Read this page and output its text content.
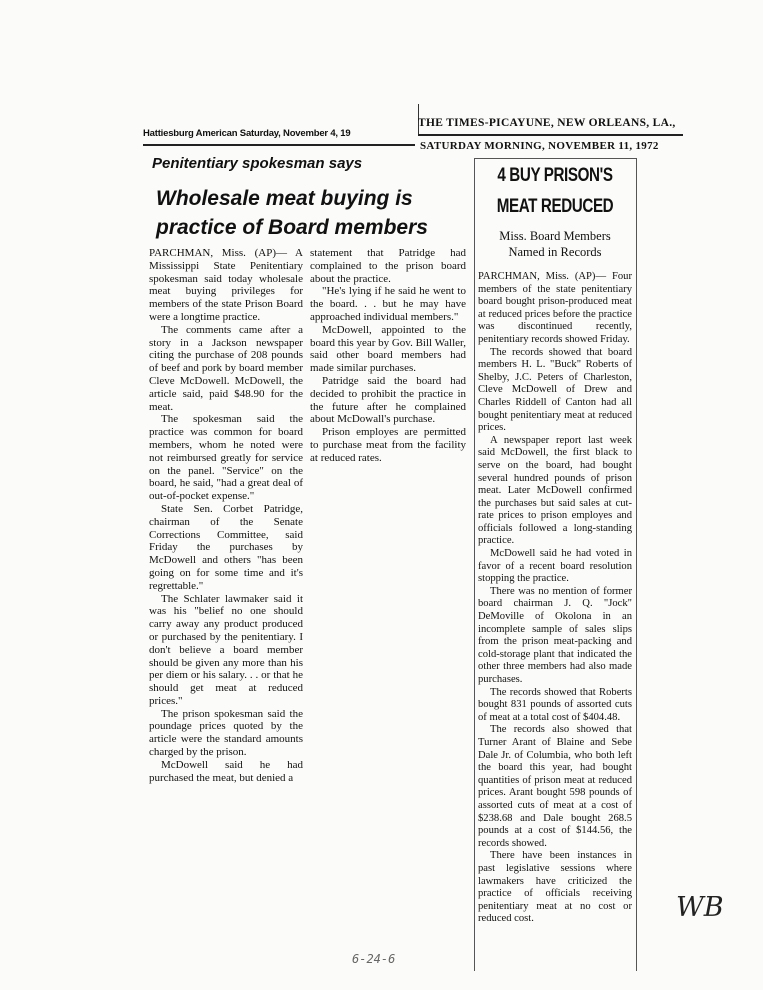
Hattiesburg American Saturday, November 4, 19
Penitentiary spokesman says
Wholesale meat buying is
practice of Board members

PARCHMAN, Miss. (AP)— A Mississippi State Penitentiary spokesman said today wholesale meat buying privileges for members of the state Prison Board were a longtime practice.

The comments came after a story in a Jackson newspaper citing the purchase of 208 pounds of beef and pork by board member Cleve McDowell. McDowell, the article said, paid $48.90 for the meat.

The spokesman said the practice was common for board members, whom he noted were not reimbursed greatly for service on the panel. "Service" on the board, he said, "had a great deal of out-of-pocket expense."

State Sen. Corbet Patridge, chairman of the Senate Corrections Committee, said Friday the purchases by McDowell and others "has been going on for some time and it's regrettable."

The Schlater lawmaker said it was his "belief no one should carry away any product produced or purchased by the penitentiary. I don't believe a board member should be given any more than his per diem or his salary. . . or that he should get meat at reduced prices."

The prison spokesman said the poundage prices quoted by the article were the standard amounts charged by the prison.

McDowell said he had purchased the meat, but denied a

statement that Patridge had complained to the prison board about the practice.

"He's lying if he said he went to the board. . . but he may have approached individual members."

McDowell, appointed to the board this year by Gov. Bill Waller, said other board members had made similar purchases.

Patridge said the board had decided to prohibit the practice in the future after he complained about McDowall's purchase.

Prison employes are permitted to purchase meat from the facility at reduced rates.

THE TIMES-PICAYUNE, NEW ORLEANS, LA.,
SATURDAY MORNING, NOVEMBER 11, 1972
4 BUY PRISON'S
MEAT REDUCED
Miss. Board Members
Named in Records

PARCHMAN, Miss. (AP)— Four members of the state penitentiary board bought prison-produced meat at reduced prices before the practice was discontinued recently, penitentiary records showed Friday.

The records showed that board members H. L. "Buck" Roberts of Shelby, J.C. Peters of Charleston, Cleve McDowell of Drew and Charles Riddell of Canton had all bought penitentiary meat at reduced prices.

A newspaper report last week said McDowell, the first black to serve on the board, had bought several hundred pounds of prison meat. Later McDowell confirmed the purchases but said sales at cut-rate prices to prison employes and officials followed a long-standing practice.

McDowell said he had voted in favor of a recent board resolution stopping the practice.

There was no mention of former board chairman J. Q. "Jock" DeMoville of Okolona in an incomplete sample of sales slips from the prison meat-packing and cold-storage plant that indicated the other three members had also made purchases.

The records showed that Roberts bought 831 pounds of assorted cuts of meat at a total cost of $404.48.

The records also showed that Turner Arant of Blaine and Sebe Dale Jr. of Columbia, who both left the board this year, had bought quantities of prison meat at reduced prices. Arant bought 598 pounds of assorted cuts of meat at a cost of $238.68 and Dale bought 268.5 pounds at a cost of $144.56, the records showed.

There have been instances in past legislative sessions where lawmakers have criticized the practice of officials receiving penitentiary meat at no cost or reduced cost.	WB
6-24-6
